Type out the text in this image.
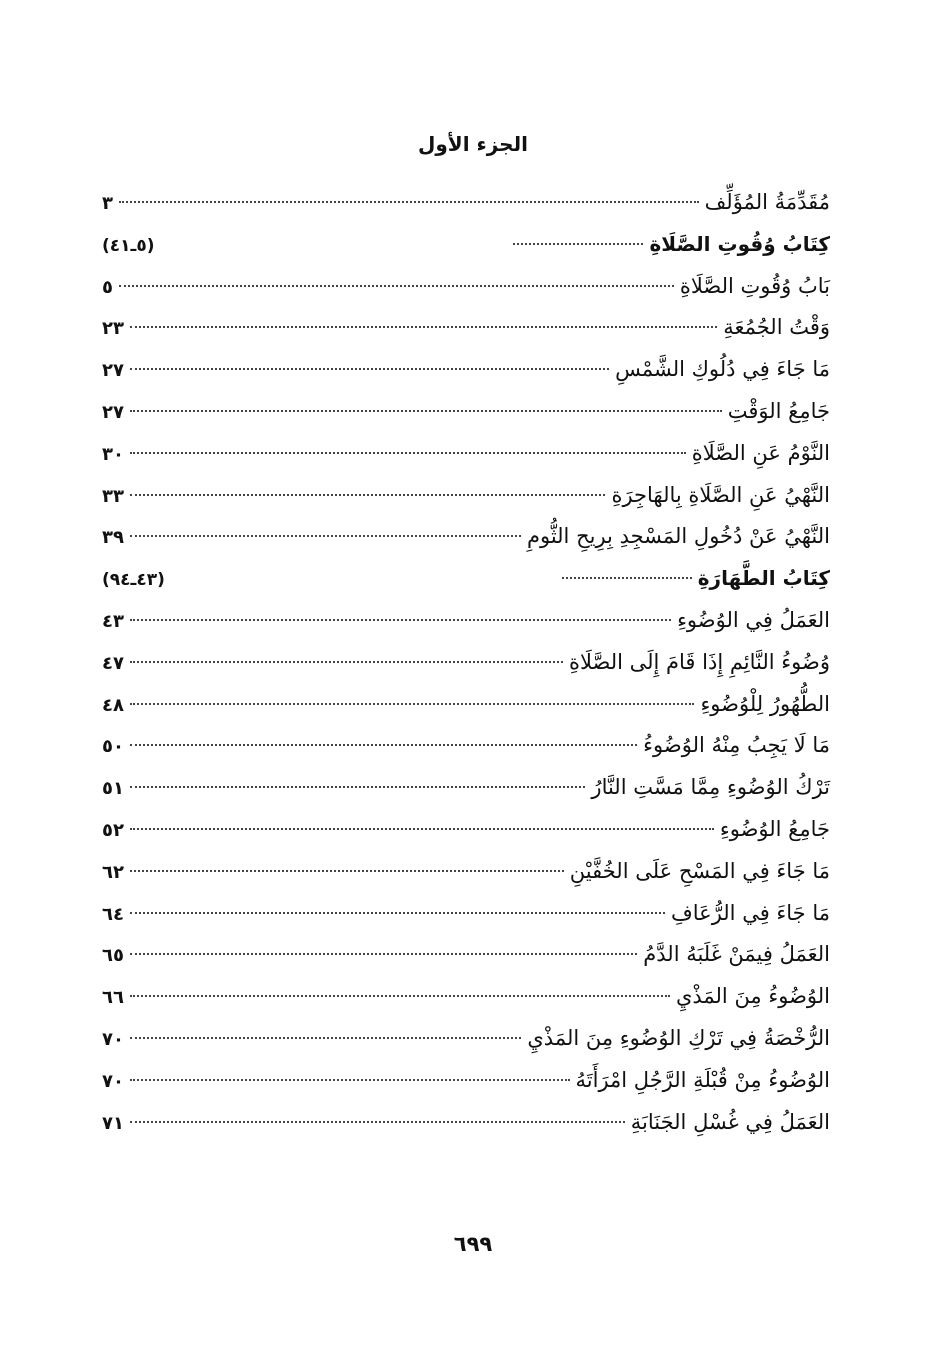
الجزء الأول
مُقَدِّمَةُ المُؤَلِّف
٣
كِتَابُ وُقُوتِ الصَّلَاةِ
(٥ـ٤١)
بَابُ وُقُوتِ الصَّلَاةِ
٥
وَقْتُ الجُمُعَةِ
٢٣
مَا جَاءَ فِي دُلُوكِ الشَّمْسِ
٢٧
جَامِعُ الوَقْتِ
٢٧
النَّوْمُ عَنِ الصَّلَاةِ
٣٠
النَّهْيُ عَنِ الصَّلَاةِ بِالهَاجِرَةِ
٣٣
النَّهْيُ عَنْ دُخُولِ المَسْجِدِ بِرِيحِ الثُّومِ
٣٩
كِتَابُ الطَّهَارَةِ
(٤٣ـ٩٤)
العَمَلُ فِي الوُضُوءِ
٤٣
وُضُوءُ النَّائِمِ إِذَا قَامَ إِلَى الصَّلَاةِ
٤٧
الطُّهُورُ لِلْوُضُوءِ
٤٨
مَا لَا يَجِبُ مِنْهُ الوُضُوءُ
٥٠
تَرْكُ الوُضُوءِ مِمَّا مَسَّتِ النَّارُ
٥١
جَامِعُ الوُضُوءِ
٥٢
مَا جَاءَ فِي المَسْحِ عَلَى الخُفَّيْنِ
٦٢
مَا جَاءَ فِي الرُّعَافِ
٦٤
العَمَلُ فِيمَنْ غَلَبَهُ الدَّمُ
٦٥
الوُضُوءُ مِنَ المَذْيِ
٦٦
الرُّخْصَةُ فِي تَرْكِ الوُضُوءِ مِنَ المَذْيِ
٧٠
الوُضُوءُ مِنْ قُبْلَةِ الرَّجُلِ امْرَأَتَهُ
٧٠
العَمَلُ فِي غُسْلِ الجَنَابَةِ
٧١
٦٩٩
